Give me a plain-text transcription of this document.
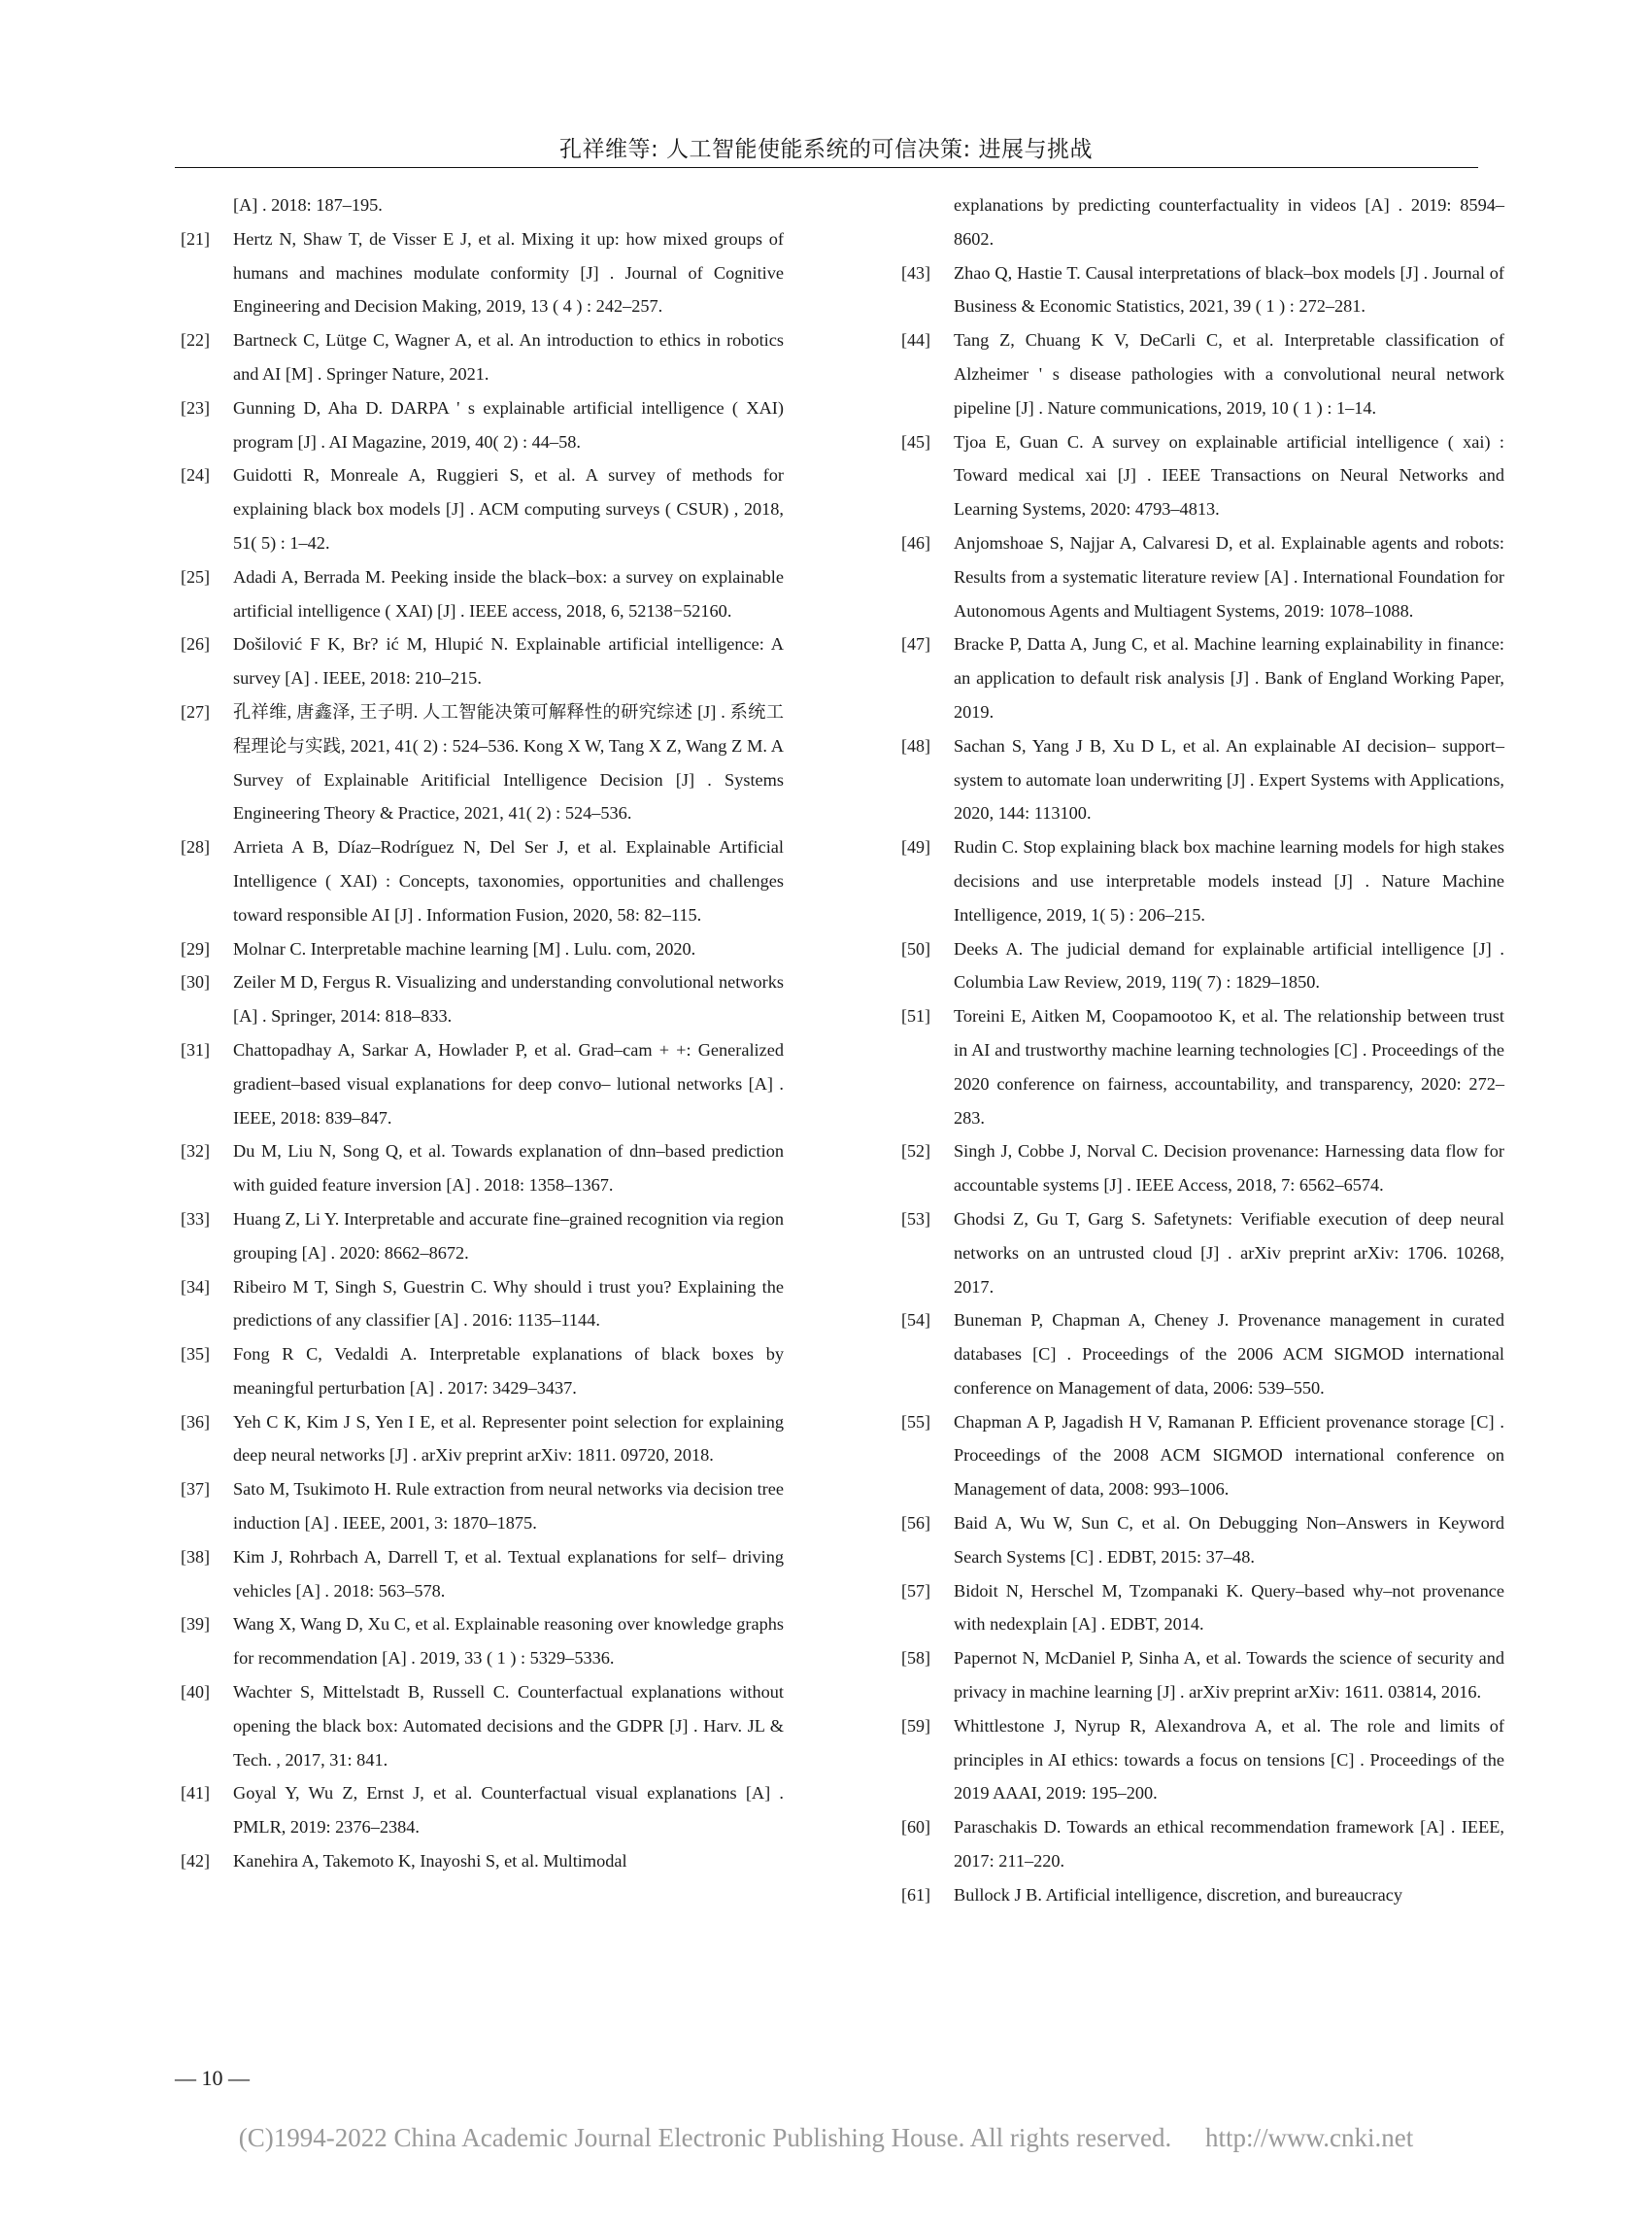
孔祥维等: 人工智能使能系统的可信决策: 进展与挑战
[A] . 2018: 187–195.
[21] Hertz N, Shaw T, de Visser E J, et al. Mixing it up: how mixed groups of humans and machines modulate conformity [J] . Journal of Cognitive Engineering and Decision Making, 2019, 13 ( 4 ) : 242–257.
[22] Bartneck C, Lütge C, Wagner A, et al. An introduction to ethics in robotics and AI [M] . Springer Nature, 2021.
[23] Gunning D, Aha D. DARPA ' s explainable artificial intelligence ( XAI) program [J] . AI Magazine, 2019, 40( 2) : 44–58.
[24] Guidotti R, Monreale A, Ruggieri S, et al. A survey of methods for explaining black box models [J] . ACM computing surveys ( CSUR) , 2018, 51( 5) : 1–42.
[25] Adadi A, Berrada M. Peeking inside the black–box: a survey on explainable artificial intelligence ( XAI) [J] . IEEE access, 2018, 6, 52138−52160.
[26] Došilović F K, Br? ić M, Hlupić N. Explainable artificial intelligence: A survey [A] . IEEE, 2018: 210–215.
[27] 孔祥维, 唐鑫泽, 王子明. 人工智能决策可解释性的研究综述 [J] . 系统工程理论与实践, 2021, 41( 2) : 524–536. Kong X W, Tang X Z, Wang Z M. A Survey of Explainable Aritificial Intelligence Decision [J] . Systems Engineering Theory & Practice, 2021, 41( 2) : 524–536.
[28] Arrieta A B, Díaz–Rodríguez N, Del Ser J, et al. Explainable Artificial Intelligence ( XAI) : Concepts, taxonomies, opportunities and challenges toward responsible AI [J] . Information Fusion, 2020, 58: 82–115.
[29] Molnar C. Interpretable machine learning [M] . Lulu. com, 2020.
[30] Zeiler M D, Fergus R. Visualizing and understanding convolutional networks [A] . Springer, 2014: 818–833.
[31] Chattopadhay A, Sarkar A, Howlader P, et al. Grad–cam + +: Generalized gradient–based visual explanations for deep convo– lutional networks [A] . IEEE, 2018: 839–847.
[32] Du M, Liu N, Song Q, et al. Towards explanation of dnn–based prediction with guided feature inversion [A] . 2018: 1358–1367.
[33] Huang Z, Li Y. Interpretable and accurate fine–grained recognition via region grouping [A] . 2020: 8662–8672.
[34] Ribeiro M T, Singh S, Guestrin C. Why should i trust you? Explaining the predictions of any classifier [A] . 2016: 1135–1144.
[35] Fong R C, Vedaldi A. Interpretable explanations of black boxes by meaningful perturbation [A] . 2017: 3429–3437.
[36] Yeh C K, Kim J S, Yen I E, et al. Representer point selection for explaining deep neural networks [J] . arXiv preprint arXiv: 1811. 09720, 2018.
[37] Sato M, Tsukimoto H. Rule extraction from neural networks via decision tree induction [A] . IEEE, 2001, 3: 1870–1875.
[38] Kim J, Rohrbach A, Darrell T, et al. Textual explanations for self– driving vehicles [A] . 2018: 563–578.
[39] Wang X, Wang D, Xu C, et al. Explainable reasoning over knowledge graphs for recommendation [A] . 2019, 33 ( 1 ) : 5329–5336.
[40] Wachter S, Mittelstadt B, Russell C. Counterfactual explanations without opening the black box: Automated decisions and the GDPR [J] . Harv. JL & Tech. , 2017, 31: 841.
[41] Goyal Y, Wu Z, Ernst J, et al. Counterfactual visual explanations [A] . PMLR, 2019: 2376–2384.
[42] Kanehira A, Takemoto K, Inayoshi S, et al. Multimodal
explanations by predicting counterfactuality in videos [A] . 2019: 8594–8602.
[43] Zhao Q, Hastie T. Causal interpretations of black–box models [J] . Journal of Business & Economic Statistics, 2021, 39 ( 1 ) : 272–281.
[44] Tang Z, Chuang K V, DeCarli C, et al. Interpretable classification of Alzheimer ' s disease pathologies with a convolutional neural network pipeline [J] . Nature communications, 2019, 10 ( 1 ) : 1–14.
[45] Tjoa E, Guan C. A survey on explainable artificial intelligence ( xai) : Toward medical xai [J] . IEEE Transactions on Neural Networks and Learning Systems, 2020: 4793–4813.
[46] Anjomshoae S, Najjar A, Calvaresi D, et al. Explainable agents and robots: Results from a systematic literature review [A] . International Foundation for Autonomous Agents and Multiagent Systems, 2019: 1078–1088.
[47] Bracke P, Datta A, Jung C, et al. Machine learning explainability in finance: an application to default risk analysis [J] . Bank of England Working Paper, 2019.
[48] Sachan S, Yang J B, Xu D L, et al. An explainable AI decision– support–system to automate loan underwriting [J] . Expert Systems with Applications, 2020, 144: 113100.
[49] Rudin C. Stop explaining black box machine learning models for high stakes decisions and use interpretable models instead [J] . Nature Machine Intelligence, 2019, 1( 5) : 206–215.
[50] Deeks A. The judicial demand for explainable artificial intelligence [J] . Columbia Law Review, 2019, 119( 7) : 1829–1850.
[51] Toreini E, Aitken M, Coopamootoo K, et al. The relationship between trust in AI and trustworthy machine learning technologies [C] . Proceedings of the 2020 conference on fairness, accountability, and transparency, 2020: 272–283.
[52] Singh J, Cobbe J, Norval C. Decision provenance: Harnessing data flow for accountable systems [J] . IEEE Access, 2018, 7: 6562–6574.
[53] Ghodsi Z, Gu T, Garg S. Safetynets: Verifiable execution of deep neural networks on an untrusted cloud [J] . arXiv preprint arXiv: 1706. 10268, 2017.
[54] Buneman P, Chapman A, Cheney J. Provenance management in curated databases [C] . Proceedings of the 2006 ACM SIGMOD international conference on Management of data, 2006: 539–550.
[55] Chapman A P, Jagadish H V, Ramanan P. Efficient provenance storage [C] . Proceedings of the 2008 ACM SIGMOD international conference on Management of data, 2008: 993–1006.
[56] Baid A, Wu W, Sun C, et al. On Debugging Non–Answers in Keyword Search Systems [C] . EDBT, 2015: 37–48.
[57] Bidoit N, Herschel M, Tzompanaki K. Query–based why–not provenance with nedexplain [A] . EDBT, 2014.
[58] Papernot N, McDaniel P, Sinha A, et al. Towards the science of security and privacy in machine learning [J] . arXiv preprint arXiv: 1611. 03814, 2016.
[59] Whittlestone J, Nyrup R, Alexandrova A, et al. The role and limits of principles in AI ethics: towards a focus on tensions [C] . Proceedings of the 2019 AAAI, 2019: 195–200.
[60] Paraschakis D. Towards an ethical recommendation framework [A] . IEEE, 2017: 211–220.
[61] Bullock J B. Artificial intelligence, discretion, and bureaucracy
— 10 —
(C)1994-2022 China Academic Journal Electronic Publishing House. All rights reserved. http://www.cnki.net
